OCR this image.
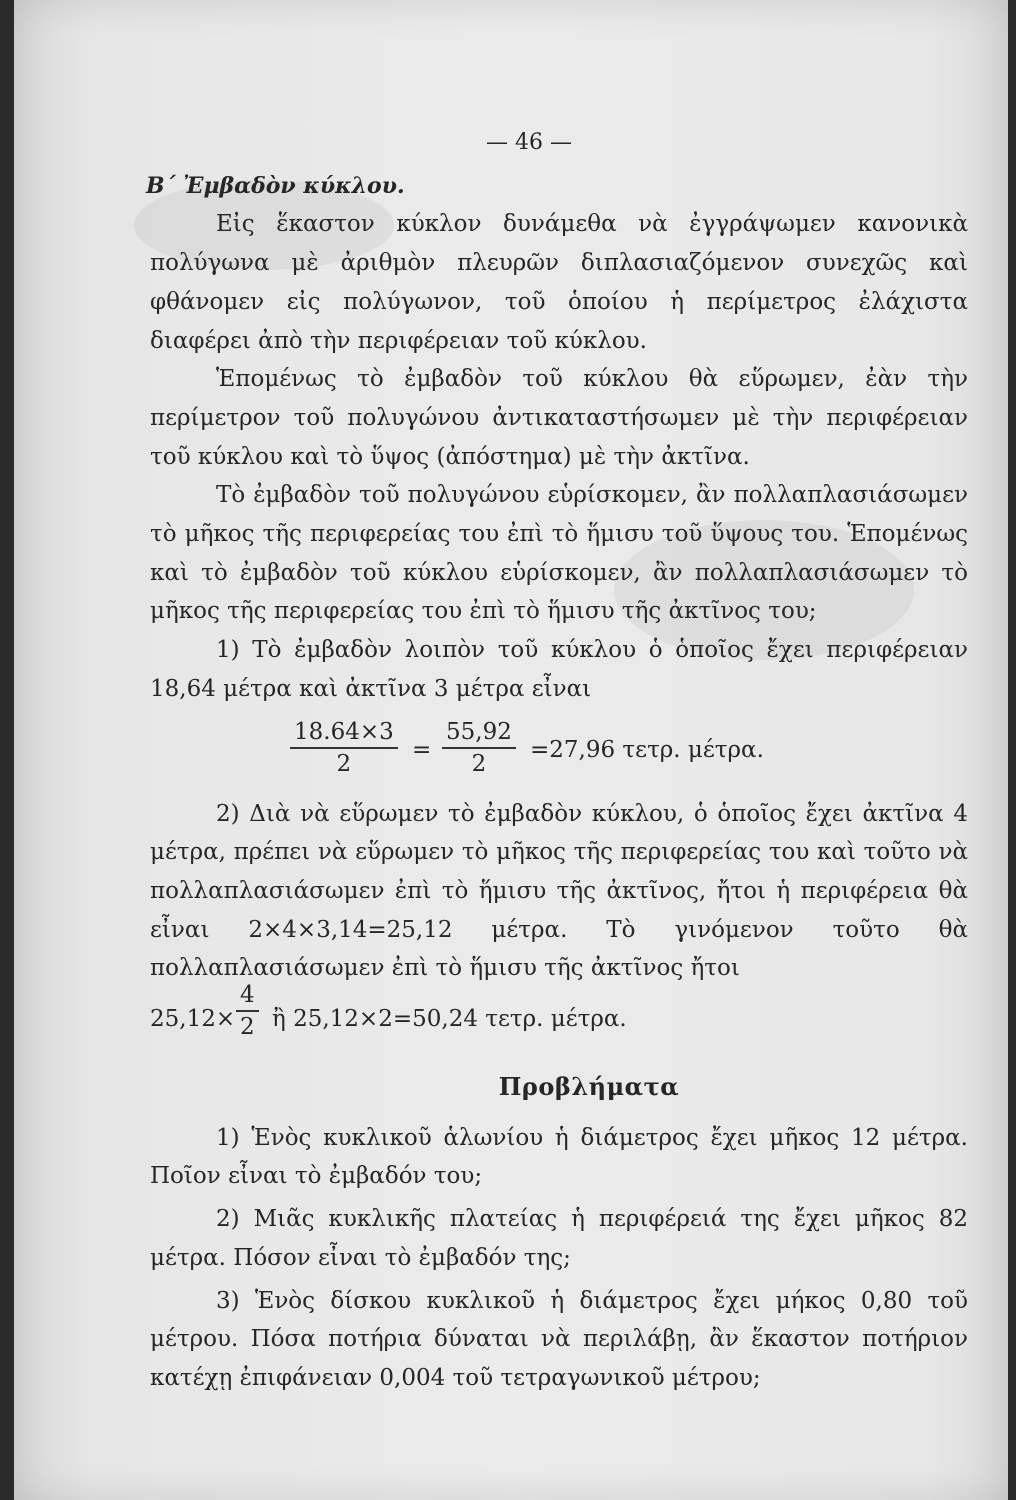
— 46 —
Β΄ Ἐμβαδὸν κύκλου.

Εἰς ἕκαστον κύκλον δυνάμεθα νὰ ἐγγράψωμεν κανονικὰ πολύγωνα μὲ ἀριθμὸν πλευρῶν διπλασιαζόμενον συνεχῶς καὶ φθάνομεν εἰς πολύγωνον, τοῦ ὁποίου ἡ περίμετρος ἐλάχιστα διαφέρει ἀπὸ τὴν περιφέρειαν τοῦ κύκλου.

Ἑπομένως τὸ ἐμβαδὸν τοῦ κύκλου θὰ εὕρωμεν, ἐὰν τὴν περίμετρον τοῦ πολυγώνου ἀντικαταστήσωμεν μὲ τὴν περιφέρειαν τοῦ κύκλου καὶ τὸ ὕψος (ἀπόστημα) μὲ τὴν ἀκτῖνα.

Τὸ ἐμβαδὸν τοῦ πολυγώνου εὑρίσκομεν, ἂν πολλαπλασιάσωμεν τὸ μῆκος τῆς περιφερείας του ἐπὶ τὸ ἥμισυ τοῦ ὕψους του. Ἑπομένως καὶ τὸ ἐμβαδὸν τοῦ κύκλου εὑρίσκομεν, ἂν πολλαπλασιάσωμεν τὸ μῆκος τῆς περιφερείας του ἐπὶ τὸ ἥμισυ τῆς ἀκτῖνος του;

1) Τὸ ἐμβαδὸν λοιπὸν τοῦ κύκλου ὁ ὁποῖος ἔχει περιφέρειαν 18,64 μέτρα καὶ ἀκτῖνα 3 μέτρα εἶναι

$\frac{18.64\times 3}{2} = \frac{55,92}{2} =27,96$ τετρ. μέτρα.

2) Διὰ νὰ εὕρωμεν τὸ ἐμβαδὸν κύκλου, ὁ ὁποῖος ἔχει ἀκτῖνα 4 μέτρα, πρέπει νὰ εὕρωμεν τὸ μῆκος τῆς περιφερείας του καὶ τοῦτο νὰ πολλαπλασιάσωμεν ἐπὶ τὸ ἥμισυ τῆς ἀκτῖνος, ἤτοι ἡ περιφέρεια θὰ εἶναι 2×4×3,14=25,12 μέτρα. Τὸ γινόμενον τοῦτο θὰ πολλαπλασιάσωμεν ἐπὶ τὸ ἥμισυ τῆς ἀκτῖνος ἤτοι

$25,12\times \frac{4}{2}$ ἢ 25,12×2=50,24 τετρ. μέτρα.
Προβλήματα

1) Ἑνὸς κυκλικοῦ ἁλωνίου ἡ διάμετρος ἔχει μῆκος 12 μέτρα. Ποῖον εἶναι τὸ ἐμβαδόν του;

2) Μιᾶς κυκλικῆς πλατείας ἡ περιφέρειά της ἔχει μῆκος 82 μέτρα. Πόσον εἶναι τὸ ἐμβαδόν της;

3) Ἑνὸς δίσκου κυκλικοῦ ἡ διάμετρος ἔχει μήκος 0,80 τοῦ μέτρου. Πόσα ποτήρια δύναται νὰ περιλάβῃ, ἂν ἕκαστον ποτήριον κατέχῃ ἐπιφάνειαν 0,004 τοῦ τετραγωνικοῦ μέτρου;
